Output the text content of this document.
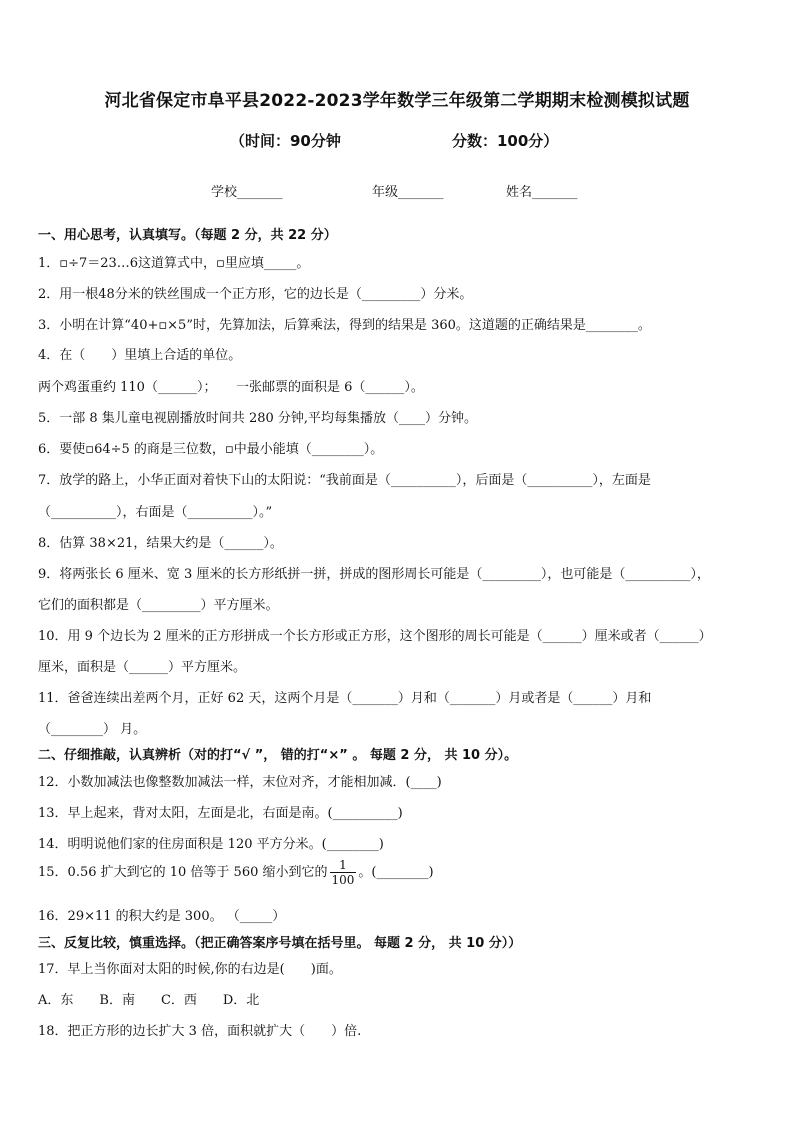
河北省保定市阜平县2022-2023学年数学三年级第二学期期末检测模拟试题
（时间：90分钟	分数：100分）
学校_______	年级_______	姓名_______
一、用心思考，认真填写。（每题 2 分，共 22 分）
1．▫÷7＝23…6这道算式中，▫里应填_____。
2．用一根48分米的铁丝围成一个正方形，它的边长是（_________）分米。
3．小明在计算“40+▫×5”时，先算加法，后算乘法，得到的结果是 360。这道题的正确结果是________。
4．在（　　）里填上合适的单位。
两个鸡蛋重约 110（______）；　　一张邮票的面积是 6（______）。
5．一部 8 集儿童电视剧播放时间共 280 分钟,平均每集播放（____）分钟。
6．要使▫64÷5 的商是三位数，▫中最小能填（________）。
7．放学的路上，小华正面对着快下山的太阳说：“我前面是（__________），后面是（__________），左面是
（__________），右面是（__________）。”
8．估算 38×21，结果大约是（______）。
9．将两张长 6 厘米、宽 3 厘米的长方形纸拼一拼，拼成的图形周长可能是（_________），也可能是（__________），
它们的面积都是（_________）平方厘米。
10．用 9 个边长为 2 厘米的正方形拼成一个长方形或正方形，这个图形的周长可能是（______）厘米或者（______）
厘米，面积是（______）平方厘米。
11．爸爸连续出差两个月，正好 62 天，这两个月是（_______）月和（_______）月或者是（______）月和
（________） 月。
二、仔细推敲，认真辨析（对的打“√ ”， 错的打“×” 。 每题 2 分， 共 10 分）。
12．小数加减法也像整数加减法一样，末位对齐，才能相加减．(____)
13．早上起来，背对太阳，左面是北，右面是南。(__________)
14．明明说他们家的住房面积是 120 平方分米。(________)
15．0.56 扩大到它的 10 倍等于 560 缩小到它的 $\frac{1}{100}$ 。(________)
16．29×11 的积大约是 300。 （_____）
三、反复比较，慎重选择。（把正确答案序号填在括号里。 每题 2 分， 共 10 分））
17．早上当你面对太阳的时候,你的右边是(　　)面。
A．东　　B．南　　C．西　　D．北
18．把正方形的边长扩大 3 倍，面积就扩大（　　）倍.
